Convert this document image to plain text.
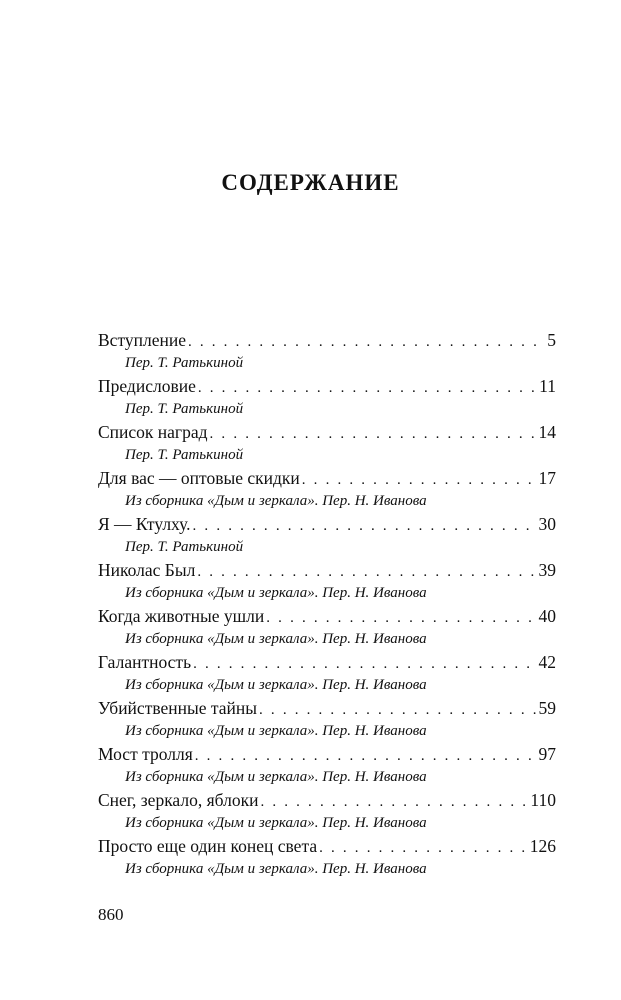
СОДЕРЖАНИЕ
Вступление . . .	5
Пер. Т. Ратькиной
Предисловие . . .	11
Пер. Т. Ратькиной
Список наград . . .	14
Пер. Т. Ратькиной
Для вас — оптовые скидки . . .	17
Из сборника «Дым и зеркала». Пер. Н. Иванова
Я — Ктулху. . . .	30
Пер. Т. Ратькиной
Николас Был . . .	39
Из сборника «Дым и зеркала». Пер. Н. Иванова
Когда животные ушли . . .	40
Из сборника «Дым и зеркала». Пер. Н. Иванова
Галантность . . .	42
Из сборника «Дым и зеркала». Пер. Н. Иванова
Убийственные тайны . . .	59
Из сборника «Дым и зеркала». Пер. Н. Иванова
Мост тролля . . .	97
Из сборника «Дым и зеркала». Пер. Н. Иванова
Снег, зеркало, яблоки . . .	110
Из сборника «Дым и зеркала». Пер. Н. Иванова
Просто еще один конец света . . .	126
Из сборника «Дым и зеркала». Пер. Н. Иванова
860
